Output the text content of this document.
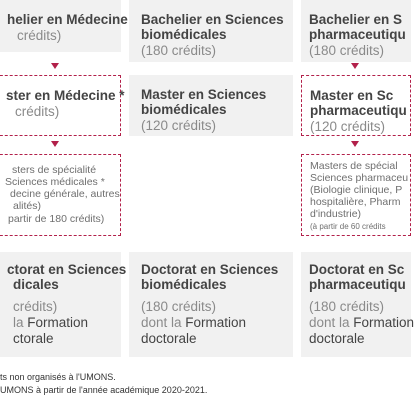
helier en Médecine
crédits)
ster en Médecine *
crédits)
sters de spécialité
Sciences médicales *
decine générale, autres
alités)
partir de 180 crédits)
ctorat en Sciences
dicales
crédits)
la Formation
ctorale
Bachelier en Sciences
biomédicales
(180 crédits)
Master en Sciences
biomédicales
(120 crédits)
Doctorat en Sciences
biomédicales
(180 crédits)
dont la Formation
doctorale
Bachelier en S
pharmaceutiqu
(180 crédits)
Master en Sc
pharmaceutiqu
(120 crédits)
Masters de spécial
Sciences pharmaceu
(Biologie clinique, P
hospitalière, Pharm
d'industrie)
(à partir de 60 crédits
Doctorat en Sc
pharmaceutiqu
(180 crédits)
dont la Formation
doctorale
ts non organisés à l'UMONS.
UMONS à partir de l'année académique 2020-2021.
